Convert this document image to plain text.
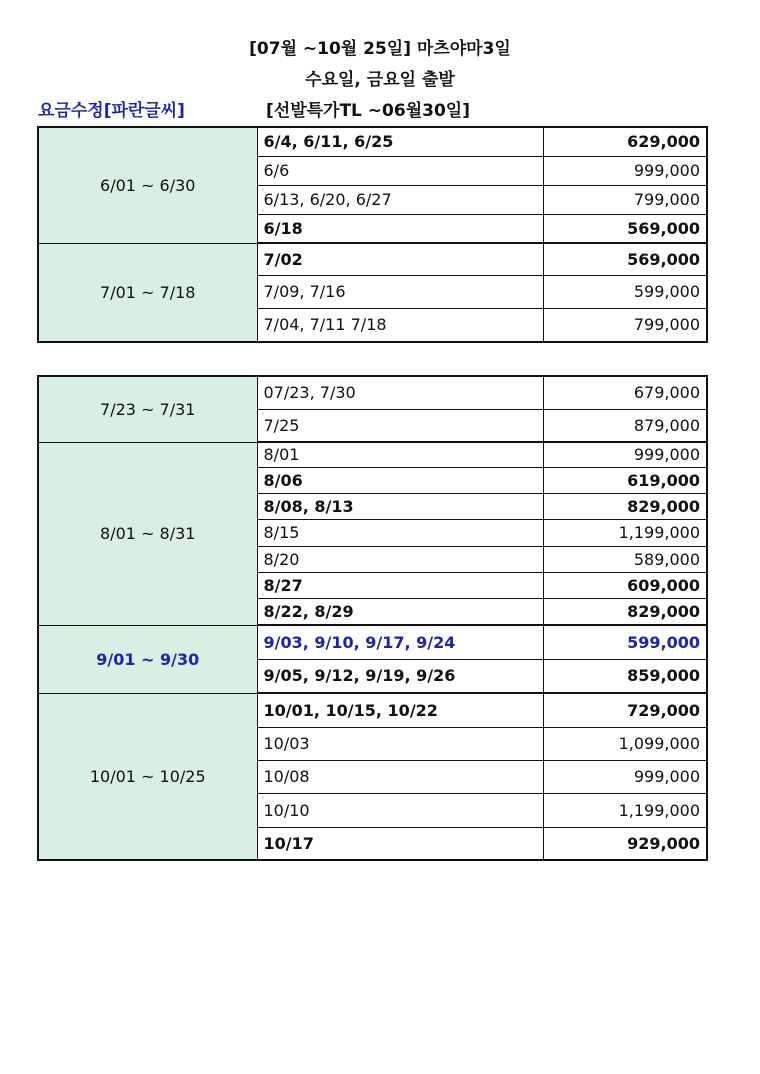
[07월 ~10월 25일] 마츠야마3일
수요일, 금요일 출발
요금수정[파란글씨]	[선발특가TL ~06월30일]
6/01 ~ 6/30	6/4, 6/11, 6/25	629,000
	6/6	999,000
	6/13, 6/20, 6/27	799,000
	6/18	569,000
7/01 ~ 7/18	7/02	569,000
	7/09, 7/16	599,000
	7/04, 7/11 7/18	799,000
7/23 ~ 7/31	07/23, 7/30	679,000
	7/25	879,000
8/01 ~ 8/31	8/01	999,000
	8/06	619,000
	8/08, 8/13	829,000
	8/15	1,199,000
	8/20	589,000
	8/27	609,000
	8/22, 8/29	829,000
9/01 ~ 9/30	9/03, 9/10, 9/17, 9/24	599,000
	9/05, 9/12, 9/19, 9/26	859,000
10/01 ~ 10/25	10/01, 10/15, 10/22	729,000
	10/03	1,099,000
	10/08	999,000
	10/10	1,199,000
	10/17	929,000
